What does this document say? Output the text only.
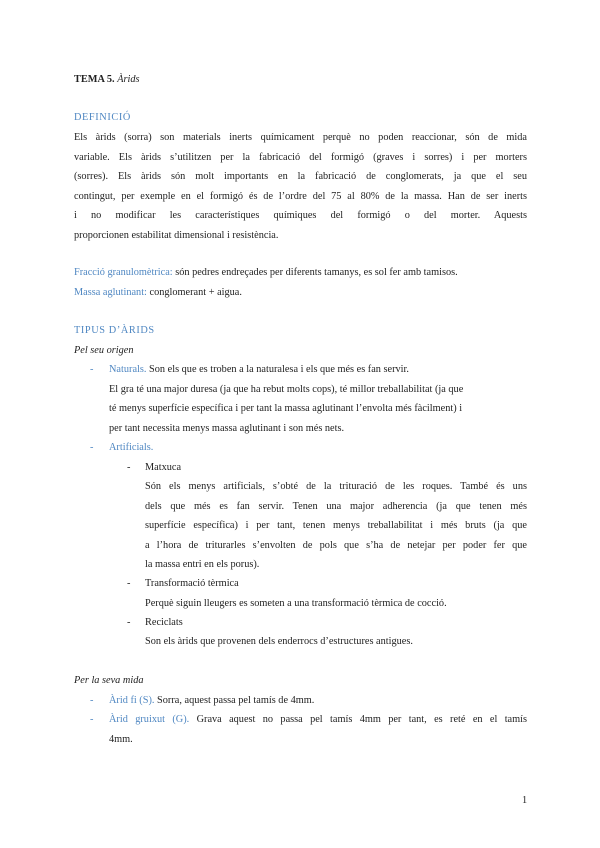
TEMA 5. Àrids
DEFINICIÓ
Els àrids (sorra) son materials inerts químicament perquè no poden reaccionar, són de mida
variable. Els àrids s’utilitzen per la fabricació del formigó (graves i sorres) i per morters
(sorres). Els àrids són molt importants en la fabricació de conglomerats, ja que el seu
contingut, per exemple en el formigó és de l’ordre del 75 al 80% de la massa. Han de ser inerts
i no modificar les característiques químiques del formigó o del morter. Aquests
proporcionen estabilitat dimensional i resistència.
Fracció granulomètrica: són pedres endreçades per diferents tamanys, es sol fer amb tamisos.
Massa aglutinant: conglomerant + aigua.
TIPUS D’ÀRIDS
Pel seu origen
- Naturals. Son els que es troben a la naturalesa i els que més es fan servir.
El gra té una major duresa (ja que ha rebut molts cops), té millor treballabilitat (ja que
té menys superfície específica i per tant la massa aglutinant l’envolta més fàcilment) i
per tant necessita menys massa aglutinant i son més nets.
- Artificials.
- Matxuca
Són els menys artificials, s’obté de la trituració de les roques. També és uns
dels que més es fan servir. Tenen una major adherencia (ja que tenen més
superfície específica) i per tant, tenen menys treballabilitat i més bruts (ja que
a l’hora de triturarles s’envolten de pols que s’ha de netejar per poder fer que
la massa entri en els porus).
- Transformació tèrmica
Perquè siguin lleugers es someten a una transformació tèrmica de cocció.
- Reciclats
Son els àrids que provenen dels enderrocs d’estructures antigues.
Per la seva mida
- Àrid fi (S). Sorra, aquest passa pel tamís de 4mm.
- Àrid gruixut (G). Grava aquest no passa pel tamís 4mm per tant, es reté en el tamís
4mm.
1
